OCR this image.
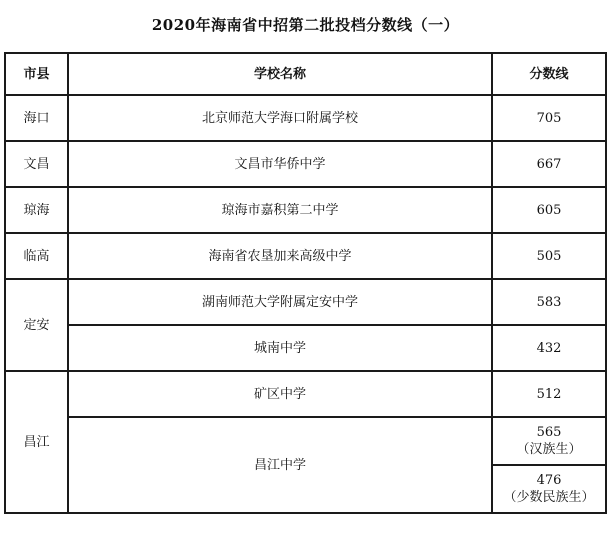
2020年海南省中招第二批投档分数线（一）
市县	学校名称	分数线
海口	北京师范大学海口附属学校	705
文昌	文昌市华侨中学	667
琼海	琼海市嘉积第二中学	605
临高	海南省农垦加来高级中学	505
定安	湖南师范大学附属定安中学	583
	城南中学	432
昌江	矿区中学	512
	昌江中学	565
（汉族生）

		476
（少数民族生）
